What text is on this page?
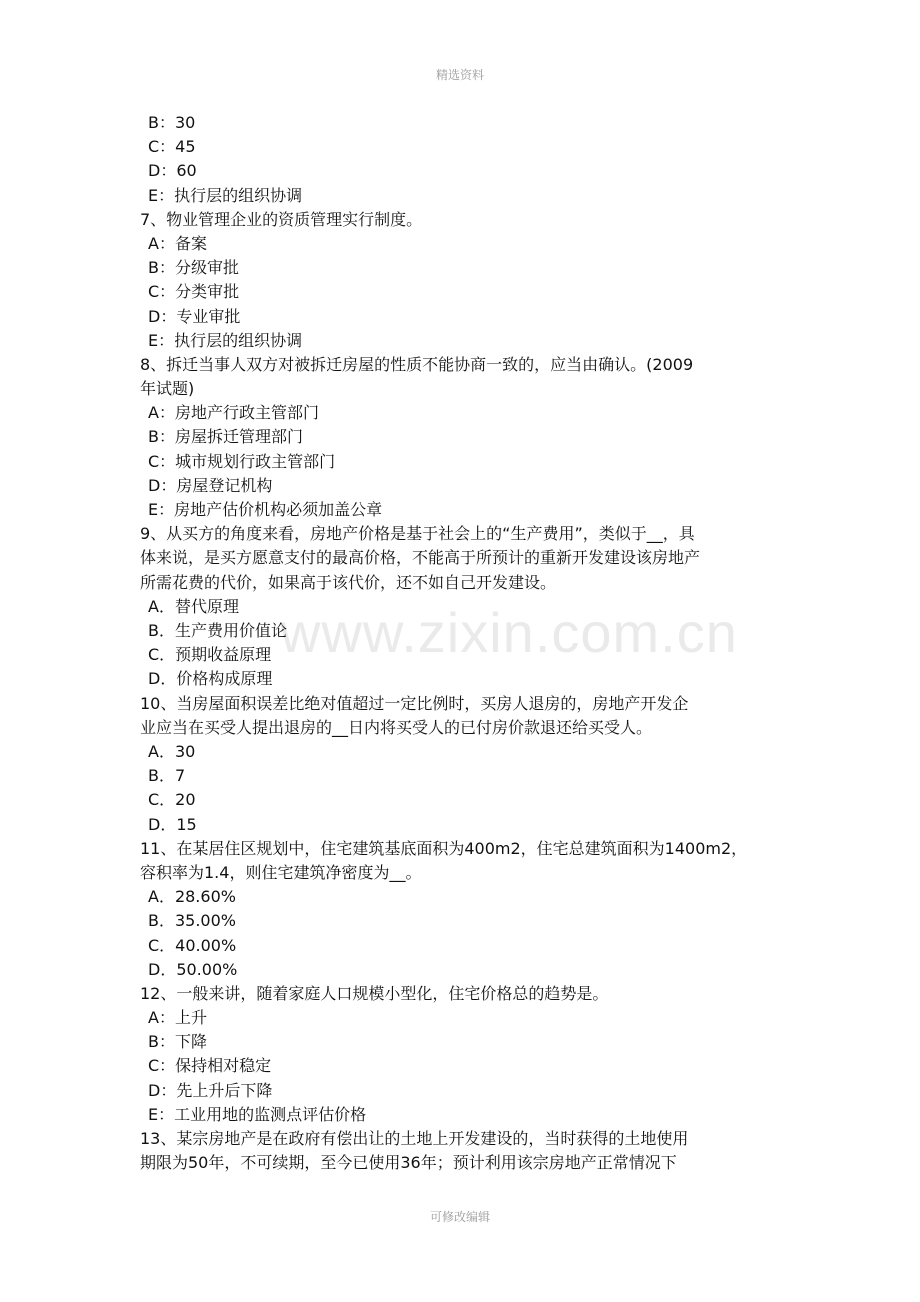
精选资料
www.zixin.com.cn
B：30
C：45
D：60
E：执行层的组织协调
7、物业管理企业的资质管理实行制度。
A：备案
B：分级审批
C：分类审批
D：专业审批
E：执行层的组织协调
8、拆迁当事人双方对被拆迁房屋的性质不能协商一致的，应当由确认。(2009
年试题)
A：房地产行政主管部门
B：房屋拆迁管理部门
C：城市规划行政主管部门
D：房屋登记机构
E：房地产估价机构必须加盖公章
9、从买方的角度来看，房地产价格是基于社会上的“生产费用”，类似于__，具
体来说，是买方愿意支付的最高价格，不能高于所预计的重新开发建设该房地产
所需花费的代价，如果高于该代价，还不如自己开发建设。
A．替代原理
B．生产费用价值论
C．预期收益原理
D．价格构成原理
10、当房屋面积误差比绝对值超过一定比例时，买房人退房的，房地产开发企
业应当在买受人提出退房的__日内将买受人的已付房价款退还给买受人。
A．30
B．7
C．20
D．15
11、在某居住区规划中，住宅建筑基底面积为400m2，住宅总建筑面积为1400m2，
容积率为1.4，则住宅建筑净密度为__。
A．28.60%
B．35.00%
C．40.00%
D．50.00%
12、一般来讲，随着家庭人口规模小型化，住宅价格总的趋势是。
A：上升
B：下降
C：保持相对稳定
D：先上升后下降
E：工业用地的监测点评估价格
13、某宗房地产是在政府有偿出让的土地上开发建设的，当时获得的土地使用
期限为50年，不可续期，至今已使用36年；预计利用该宗房地产正常情况下
可修改编辑
